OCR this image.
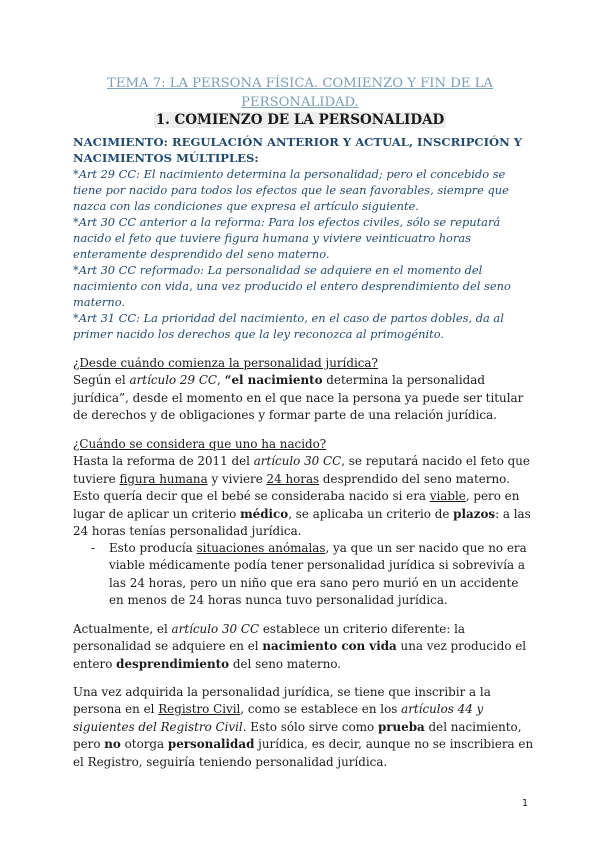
TEMA 7: LA PERSONA FÍSICA. COMIENZO Y FIN DE LA
PERSONALIDAD.
1. COMIENZO DE LA PERSONALIDAD
NACIMIENTO: REGULACIÓN ANTERIOR Y ACTUAL, INSCRIPCIÓN Y
NACIMIENTOS MÚLTIPLES:

*Art 29 CC: El nacimiento determina la personalidad; pero el concebido se tiene por nacido para todos los efectos que le sean favorables, siempre que nazca con las condiciones que expresa el artículo siguiente.

*Art 30 CC anterior a la reforma: Para los efectos civiles, sólo se reputará nacido el feto que tuviere figura humana y viviere veinticuatro horas enteramente desprendido del seno materno.

*Art 30 CC reformado: La personalidad se adquiere en el momento del nacimiento con vida, una vez producido el entero desprendimiento del seno materno.

*Art 31 CC: La prioridad del nacimiento, en el caso de partos dobles, da al primer nacido los derechos que la ley reconozca al primogénito.

¿Desde cuándo comienza la personalidad jurídica?

Según el artículo 29 CC, “el nacimiento determina la personalidad jurídica”, desde el momento en el que nace la persona ya puede ser titular de derechos y de obligaciones y formar parte de una relación jurídica.

¿Cuándo se considera que uno ha nacido?

Hasta la reforma de 2011 del artículo 30 CC, se reputará nacido el feto que tuviere figura humana y viviere 24 horas desprendido del seno materno. Esto quería decir que el bebé se consideraba nacido si era viable, pero en lugar de aplicar un criterio médico, se aplicaba un criterio de plazos: a las 24 horas tenías personalidad jurídica.

- Esto producía situaciones anómalas, ya que un ser nacido que no era viable médicamente podía tener personalidad jurídica si sobrevivía a las 24 horas, pero un niño que era sano pero murió en un accidente en menos de 24 horas nunca tuvo personalidad jurídica.

Actualmente, el artículo 30 CC establece un criterio diferente: la personalidad se adquiere en el nacimiento con vida una vez producido el entero desprendimiento del seno materno.

Una vez adquirida la personalidad jurídica, se tiene que inscribir a la persona en el Registro Civil, como se establece en los artículos 44 y siguientes del Registro Civil. Esto sólo sirve como prueba del nacimiento, pero no otorga personalidad jurídica, es decir, aunque no se inscribiera en el Registro, seguiría teniendo personalidad jurídica.

1
